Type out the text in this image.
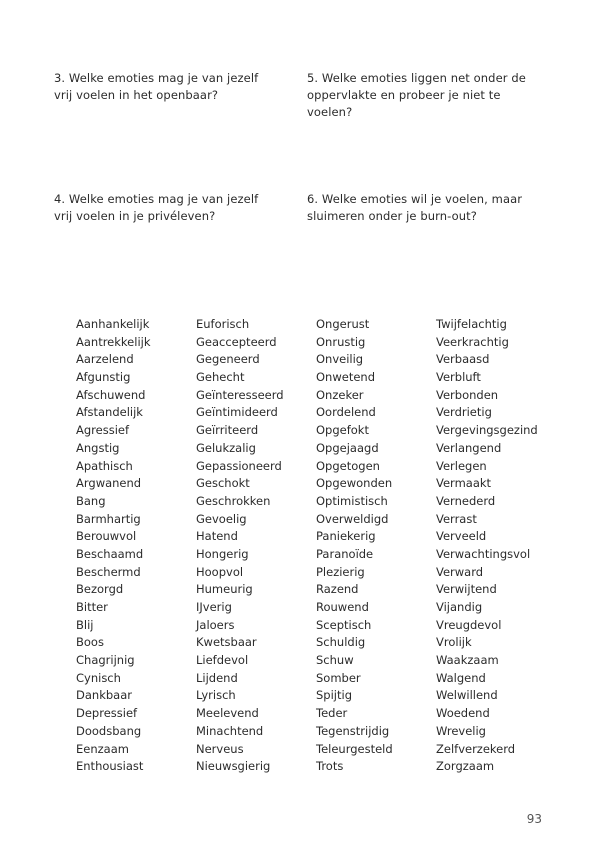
3. Welke emoties mag je van jezelf vrij voelen in het openbaar?

5. Welke emoties liggen net onder de oppervlakte en probeer je niet te voelen?

4. Welke emoties mag je van jezelf vrij voelen in je privéleven?

6. Welke emoties wil je voelen, maar sluimeren onder je burn-out?

Aanhankelijk
Aantrekkelijk
Aarzelend
Afgunstig
Afschuwend
Afstandelijk
Agressief
Angstig
Apathisch
Argwanend
Bang
Barmhartig
Berouwvol
Beschaamd
Beschermd
Bezorgd
Bitter
Blij
Boos
Chagrijnig
Cynisch
Dankbaar
Depressief
Doodsbang
Eenzaam
Enthousiast
Euforisch
Geaccepteerd
Gegeneerd
Gehecht
Geïnteresseerd
Geïntimideerd
Geïrriteerd
Gelukzalig
Gepassioneerd
Geschokt
Geschrokken
Gevoelig
Hatend
Hongerig
Hoopvol
Humeurig
IJverig
Jaloers
Kwetsbaar
Liefdevol
Lijdend
Lyrisch
Meelevend
Minachtend
Nerveus
Nieuwsgierig
Ongerust
Onrustig
Onveilig
Onwetend
Onzeker
Oordelend
Opgefokt
Opgejaagd
Opgetogen
Opgewonden
Optimistisch
Overweldigd
Paniekerig
Paranoïde
Plezierig
Razend
Rouwend
Sceptisch
Schuldig
Schuw
Somber
Spijtig
Teder
Tegenstrijdig
Teleurgesteld
Trots
Twijfelachtig
Veerkrachtig
Verbaasd
Verbluft
Verbonden
Verdrietig
Vergevingsgezind
Verlangend
Verlegen
Vermaakt
Vernederd
Verrast
Verveeld
Verwachtingsvol
Verward
Verwijtend
Vijandig
Vreugdevol
Vrolijk
Waakzaam
Walgend
Welwillend
Woedend
Wrevelig
Zelfverzekerd
Zorgzaam
93
